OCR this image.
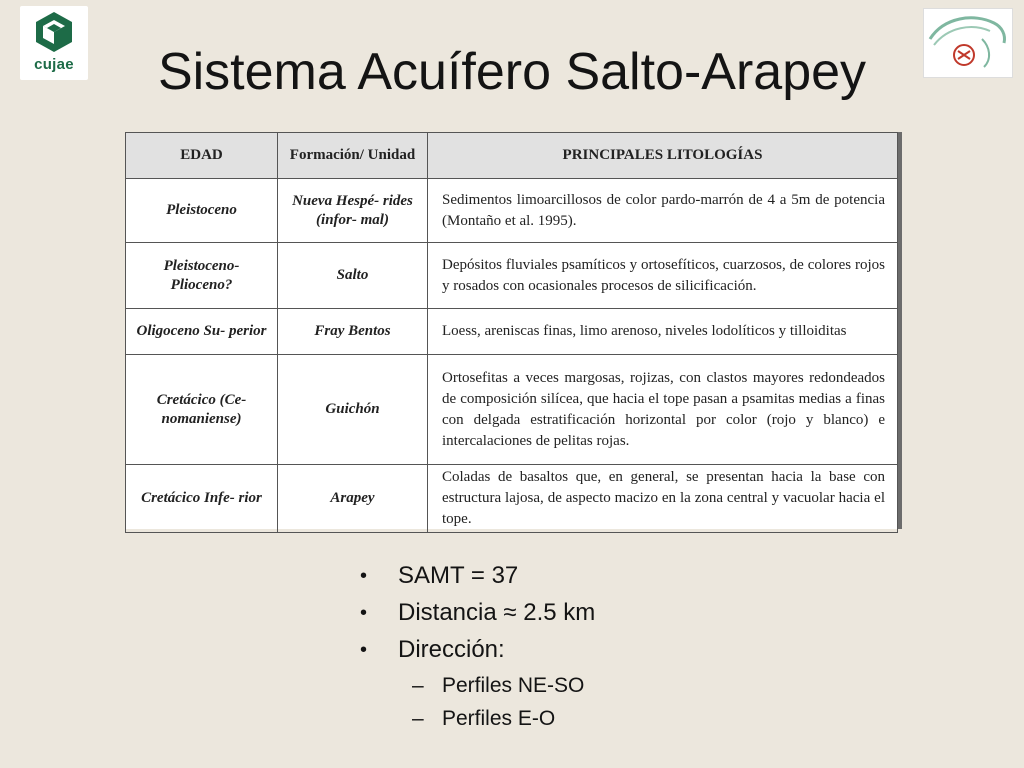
cujae	Sistema Acuífero Salto-Arapey
EDAD	Formación/ Unidad	PRINCIPALES LITOLOGÍAS
Pleistoceno	Nueva Hespé- rides (infor- mal)	Sedimentos limoarcillosos de color pardo-marrón de 4 a 5m de potencia (Montaño et al. 1995).
Pleistoceno- Plioceno?	Salto	Depósitos fluviales psamíticos y ortosefíticos, cuarzosos, de colores rojos y rosados con ocasionales procesos de silicificación.
Oligoceno Su- perior	Fray Bentos	Loess, areniscas finas, limo arenoso, niveles lodolíticos y tilloiditas
Cretácico (Ce- nomaniense)	Guichón	Ortosefitas a veces margosas, rojizas, con clastos mayores redondeados de composición silícea, que hacia el tope pasan a psamitas medias a finas con delgada estratificación horizontal por color (rojo y blanco) e intercalaciones de pelitas rojas.
Cretácico Infe- rior	Arapey	Coladas de basaltos que, en general, se presentan hacia la base con estructura lajosa, de aspecto macizo en la zona central y vacuolar hacia el tope.
• SAMT = 37
• Distancia ≈ 2.5 km
• Dirección:
– Perfiles NE-SO
– Perfiles E-O
